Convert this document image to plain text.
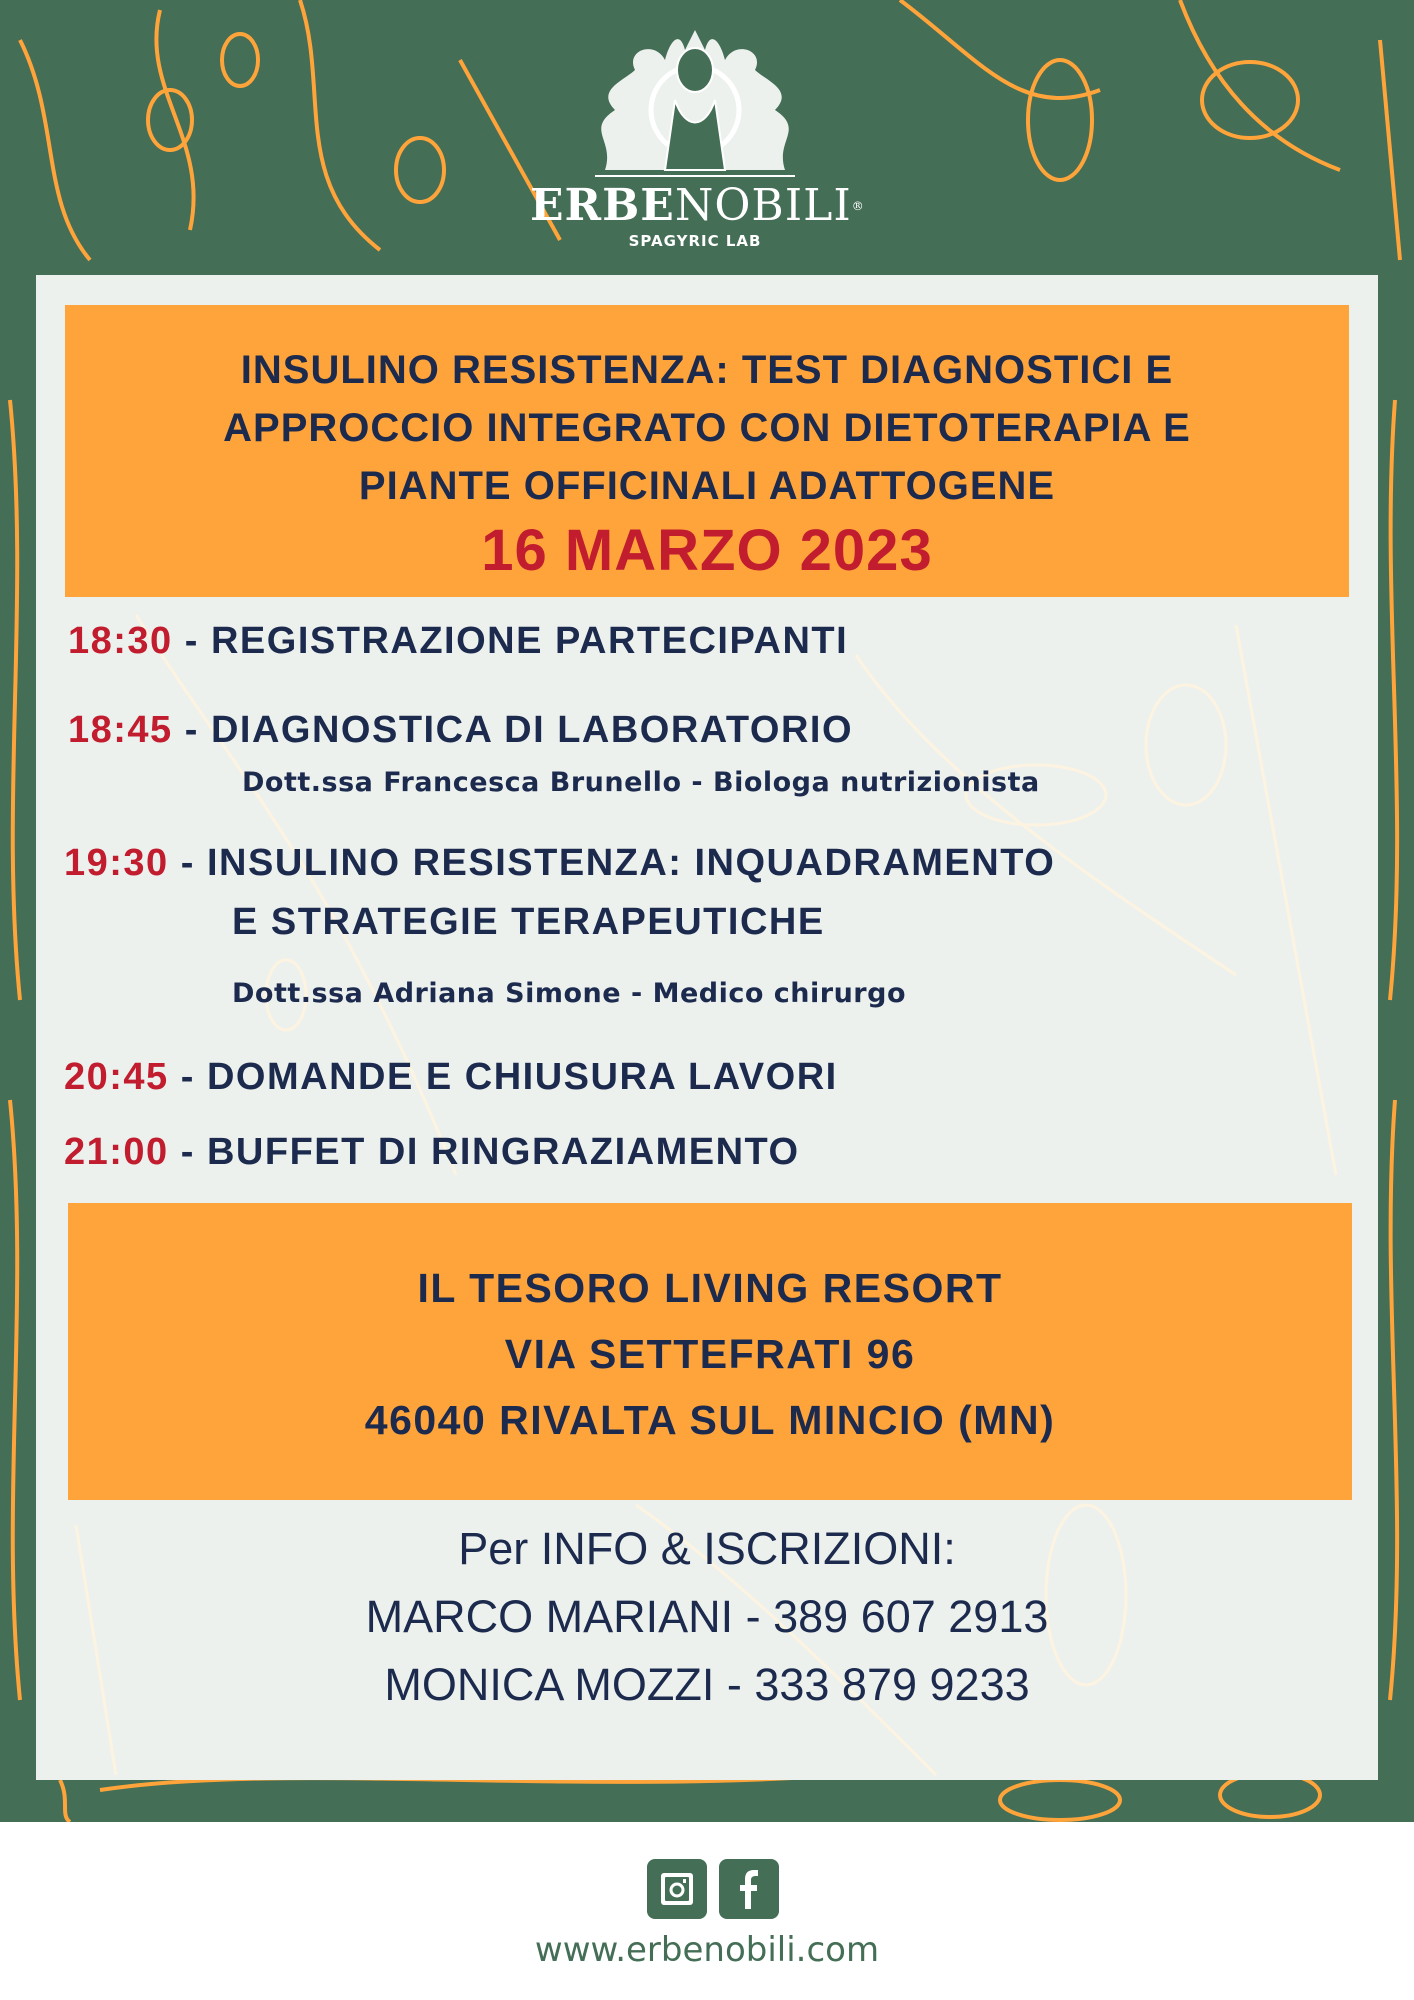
ERBENOBILI®
SPAGYRIC LAB
INSULINO RESISTENZA: TEST DIAGNOSTICI E
APPROCCIO INTEGRATO CON DIETOTERAPIA E
PIANTE OFFICINALI ADATTOGENE
16 MARZO 2023
18:30 - REGISTRAZIONE PARTECIPANTI
18:45 - DIAGNOSTICA DI LABORATORIO
Dott.ssa Francesca Brunello - Biologa nutrizionista
19:30 - INSULINO RESISTENZA: INQUADRAMENTO
E STRATEGIE TERAPEUTICHE
Dott.ssa Adriana Simone - Medico chirurgo
20:45 - DOMANDE E CHIUSURA LAVORI
21:00 - BUFFET DI RINGRAZIAMENTO
IL TESORO LIVING RESORT
VIA SETTEFRATI 96
46040 RIVALTA SUL MINCIO (MN)
Per INFO & ISCRIZIONI:
MARCO MARIANI - 389 607 2913
MONICA MOZZI - 333 879 9233
www.erbenobili.com
